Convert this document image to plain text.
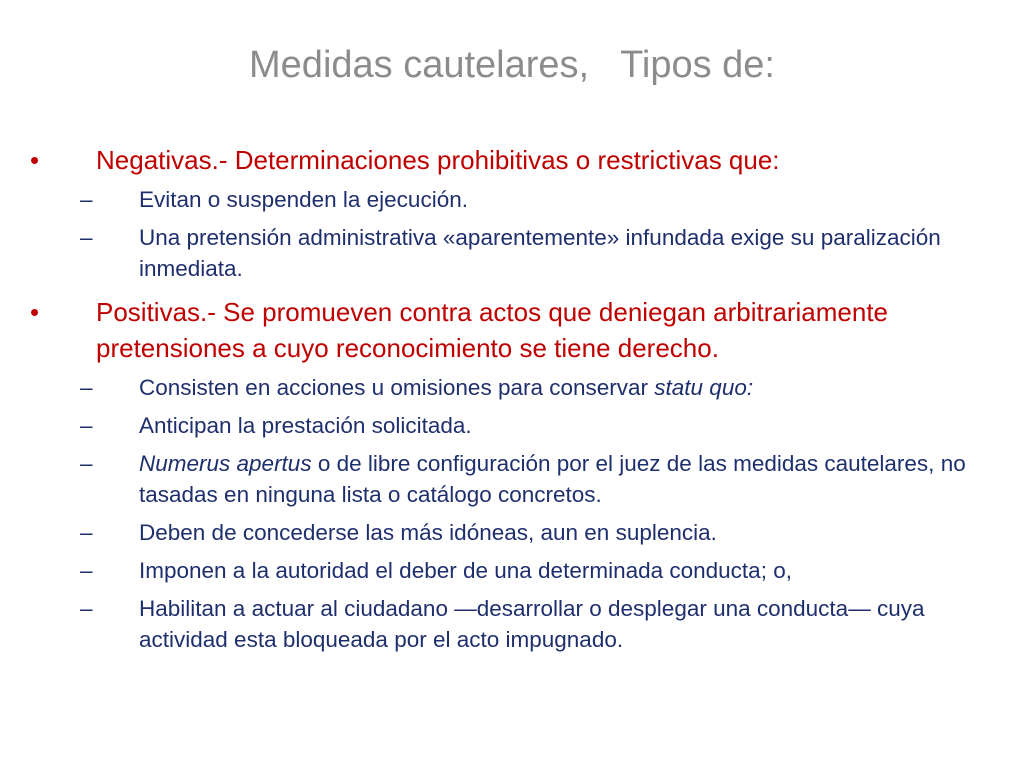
Medidas cautelares,   Tipos de:
• Negativas.- Determinaciones prohibitivas o restrictivas que:
– Evitan o suspenden la ejecución.
– Una pretensión administrativa «aparentemente» infundada exige su paralización inmediata.
• Positivas.- Se promueven contra actos que deniegan arbitrariamente pretensiones a cuyo reconocimiento se tiene derecho.
– Consisten en acciones u omisiones para conservar statu quo:
– Anticipan la prestación solicitada.
– Numerus apertus o de libre configuración por el juez de las medidas cautelares, no tasadas en ninguna lista o catálogo concretos.
– Deben de concederse las más idóneas, aun en suplencia.
– Imponen a la autoridad el deber de una determinada conducta; o,
– Habilitan a actuar al ciudadano —desarrollar o desplegar una conducta— cuya actividad esta bloqueada por el acto impugnado.
